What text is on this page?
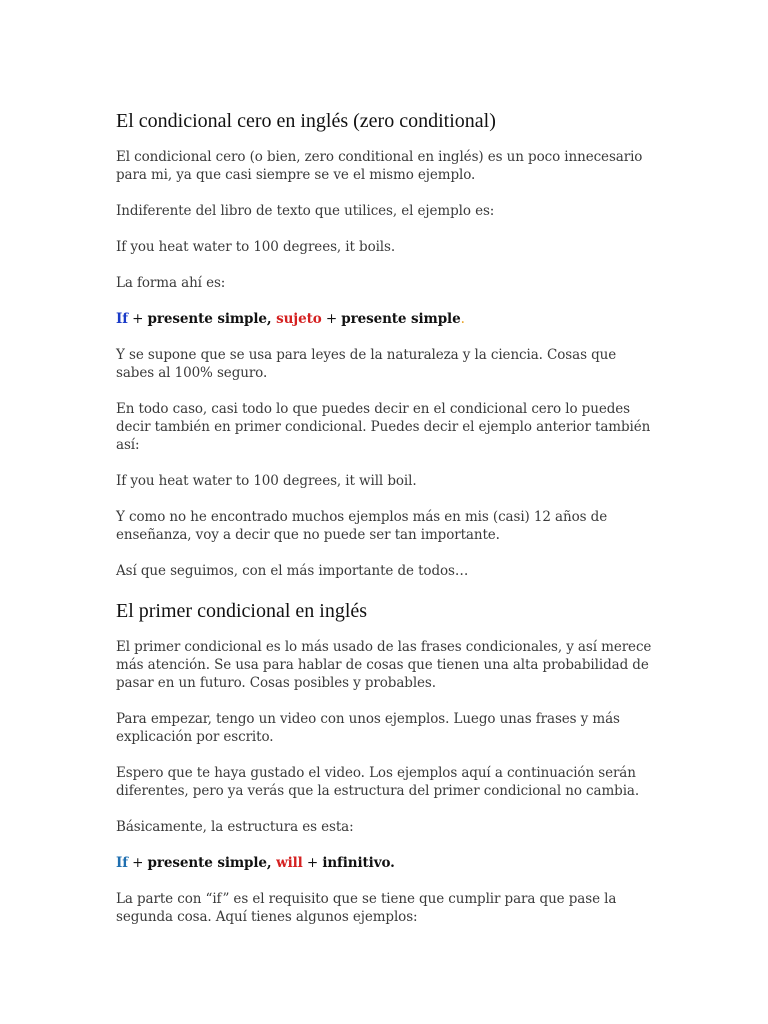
El condicional cero en inglés (zero conditional)

El condicional cero (o bien, zero conditional en inglés) es un poco innecesario para mi, ya que casi siempre se ve el mismo ejemplo.

Indiferente del libro de texto que utilices, el ejemplo es:

If you heat water to 100 degrees, it boils.

La forma ahí es:

If + presente simple, sujeto + presente simple.

Y se supone que se usa para leyes de la naturaleza y la ciencia. Cosas que sabes al 100% seguro.

En todo caso, casi todo lo que puedes decir en el condicional cero lo puedes decir también en primer condicional. Puedes decir el ejemplo anterior también así:

If you heat water to 100 degrees, it will boil.

Y como no he encontrado muchos ejemplos más en mis (casi) 12 años de enseñanza, voy a decir que no puede ser tan importante.

Así que seguimos, con el más importante de todos…

El primer condicional en inglés

El primer condicional es lo más usado de las frases condicionales, y así merece más atención. Se usa para hablar de cosas que tienen una alta probabilidad de pasar en un futuro. Cosas posibles y probables.

Para empezar, tengo un video con unos ejemplos. Luego unas frases y más explicación por escrito.

Espero que te haya gustado el video. Los ejemplos aquí a continuación serán diferentes, pero ya verás que la estructura del primer condicional no cambia.

Básicamente, la estructura es esta:

If + presente simple, will + infinitivo.

La parte con “if” es el requisito que se tiene que cumplir para que pase la segunda cosa. Aquí tienes algunos ejemplos:
